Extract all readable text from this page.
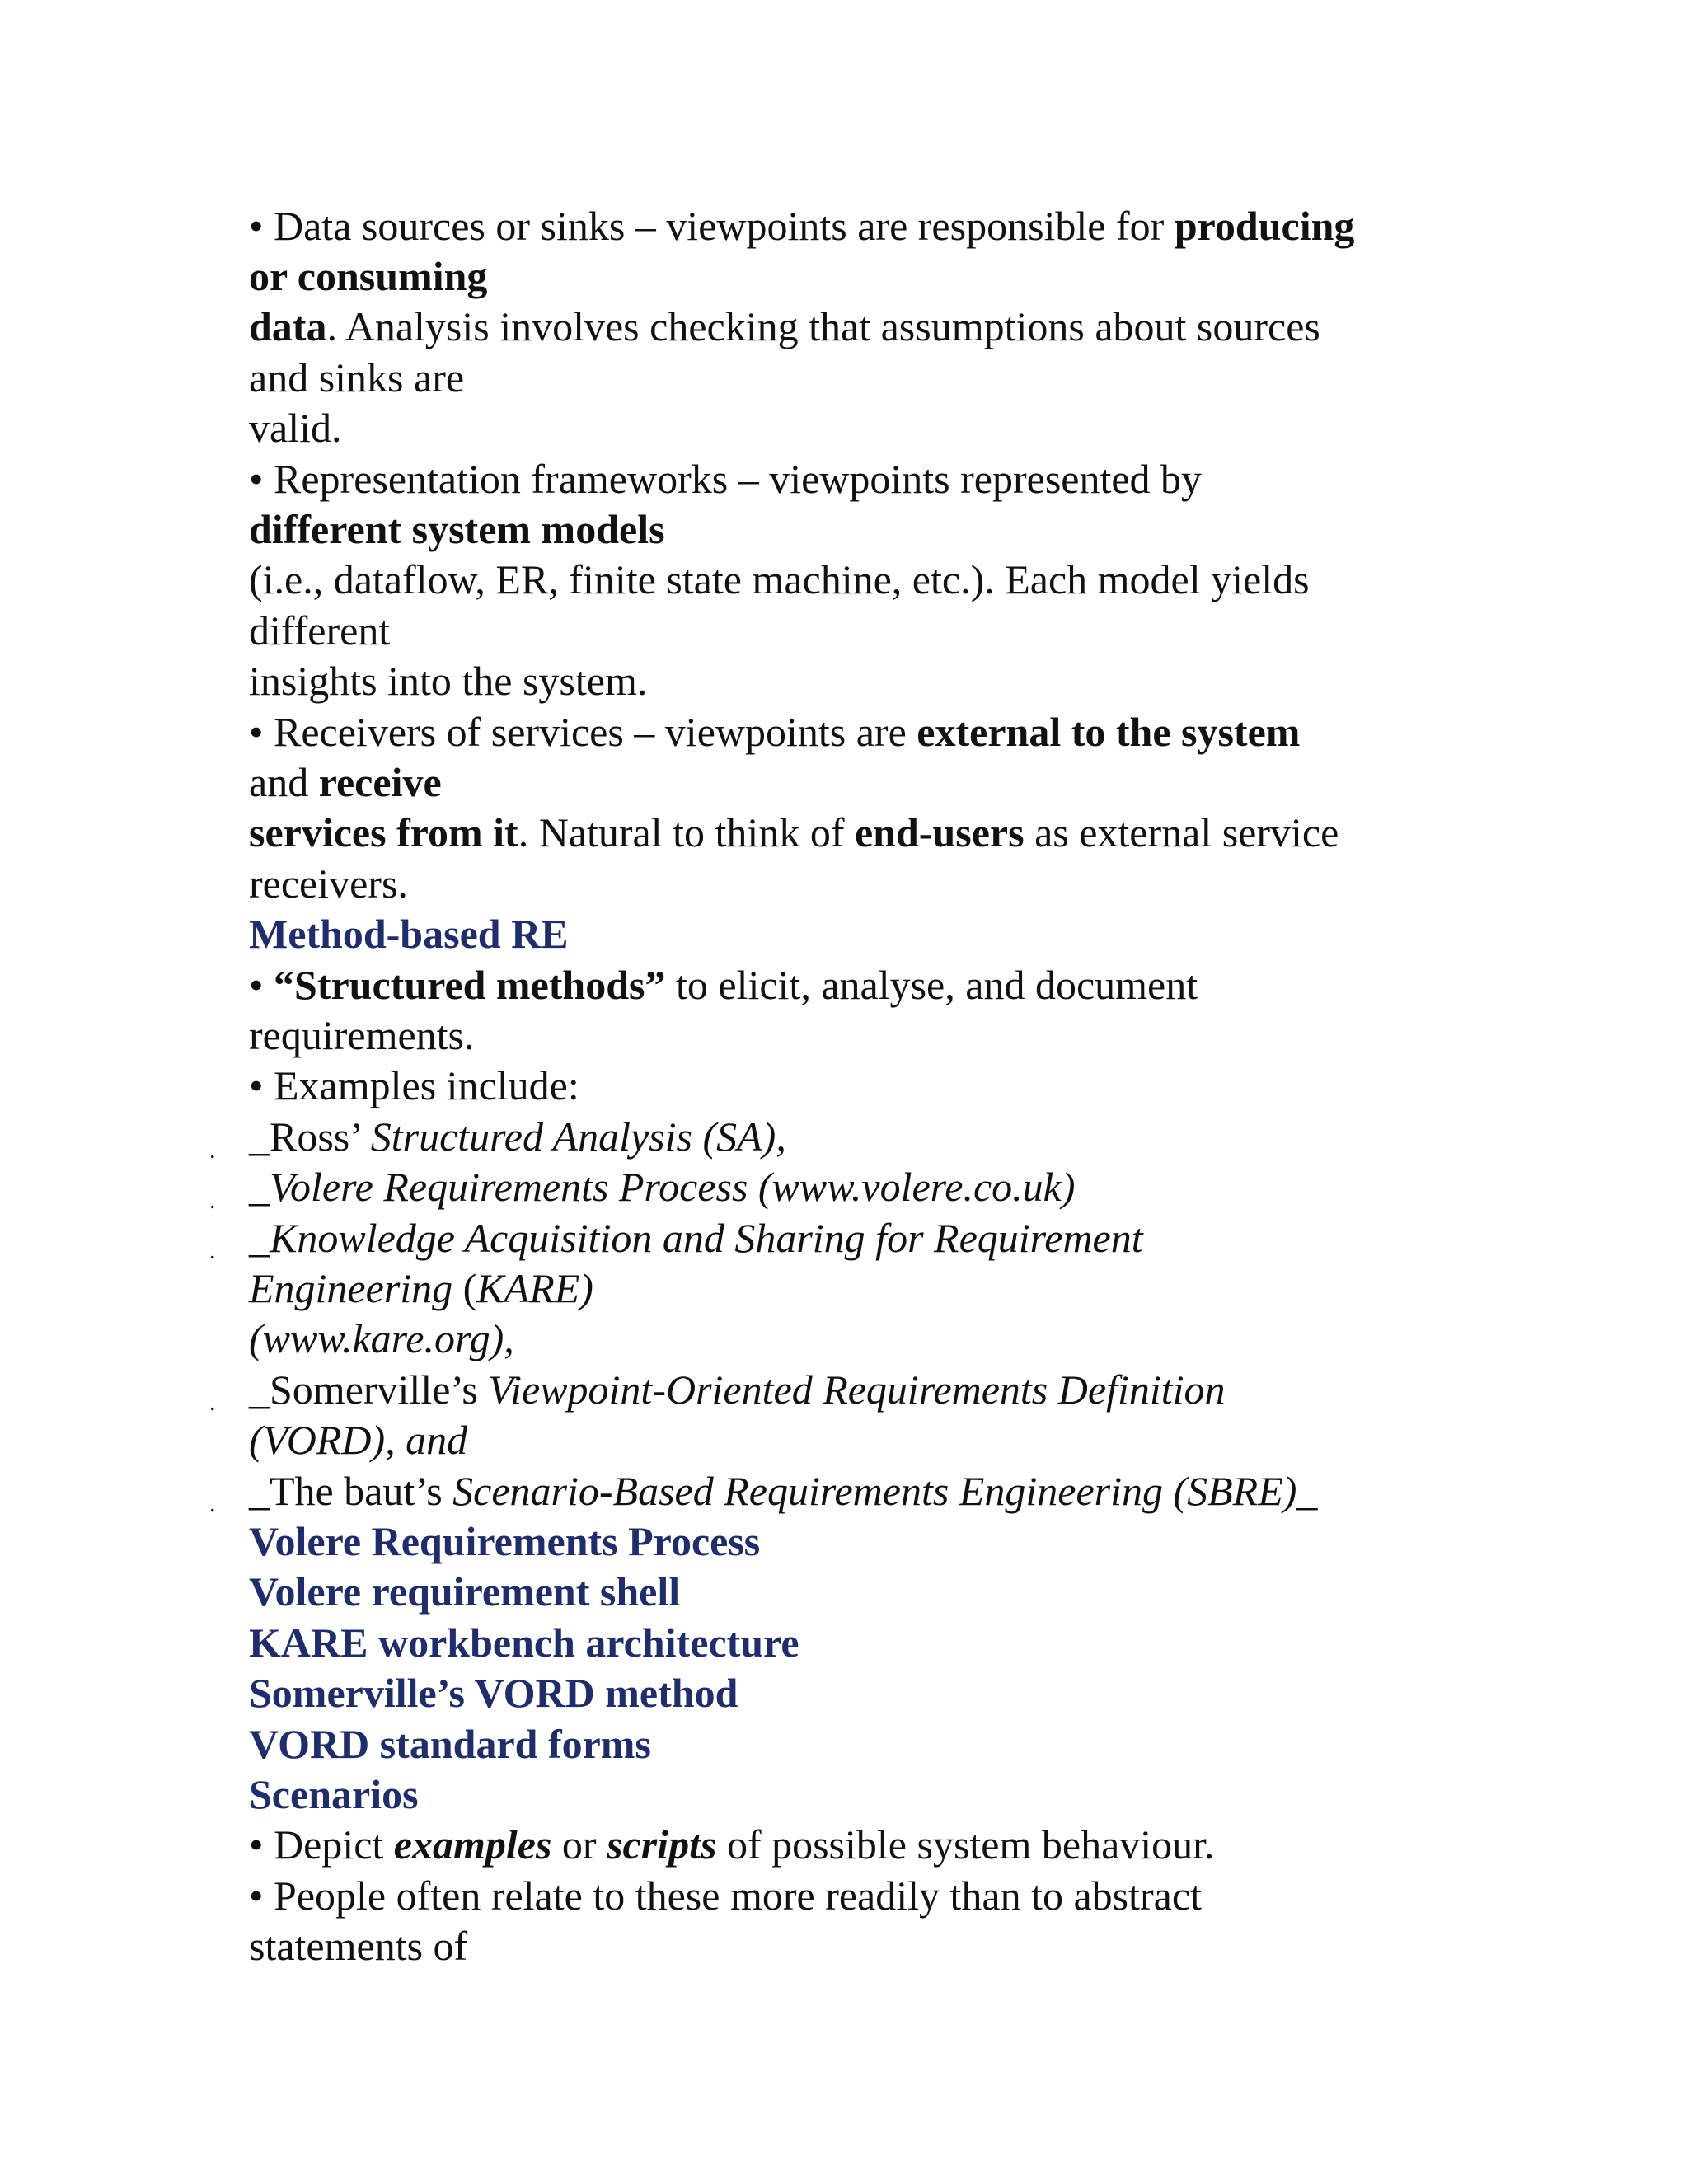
.
.
.
.
.
• Data sources or sinks – viewpoints are responsible for producing
or consuming
data. Analysis involves checking that assumptions about sources
and sinks are
valid.
• Representation frameworks – viewpoints represented by
different system models
(i.e., dataflow, ER, finite state machine, etc.). Each model yields
different
insights into the system.
• Receivers of services – viewpoints are external to the system
and receive
services from it. Natural to think of end-users as external service
receivers.
Method-based RE
• “Structured methods” to elicit, analyse, and document
requirements.
• Examples include:
_Ross’ Structured Analysis (SA),
_Volere Requirements Process (www.volere.co.uk)
_Knowledge Acquisition and Sharing for Requirement
Engineering (KARE)
(www.kare.org),
_Somerville’s Viewpoint-Oriented Requirements Definition
(VORD), and
_The baut’s Scenario-Based Requirements Engineering (SBRE)_
Volere Requirements Process
Volere requirement shell
KARE workbench architecture
Somerville’s VORD method
VORD standard forms
Scenarios
• Depict examples or scripts of possible system behaviour.
• People often relate to these more readily than to abstract
statements of
